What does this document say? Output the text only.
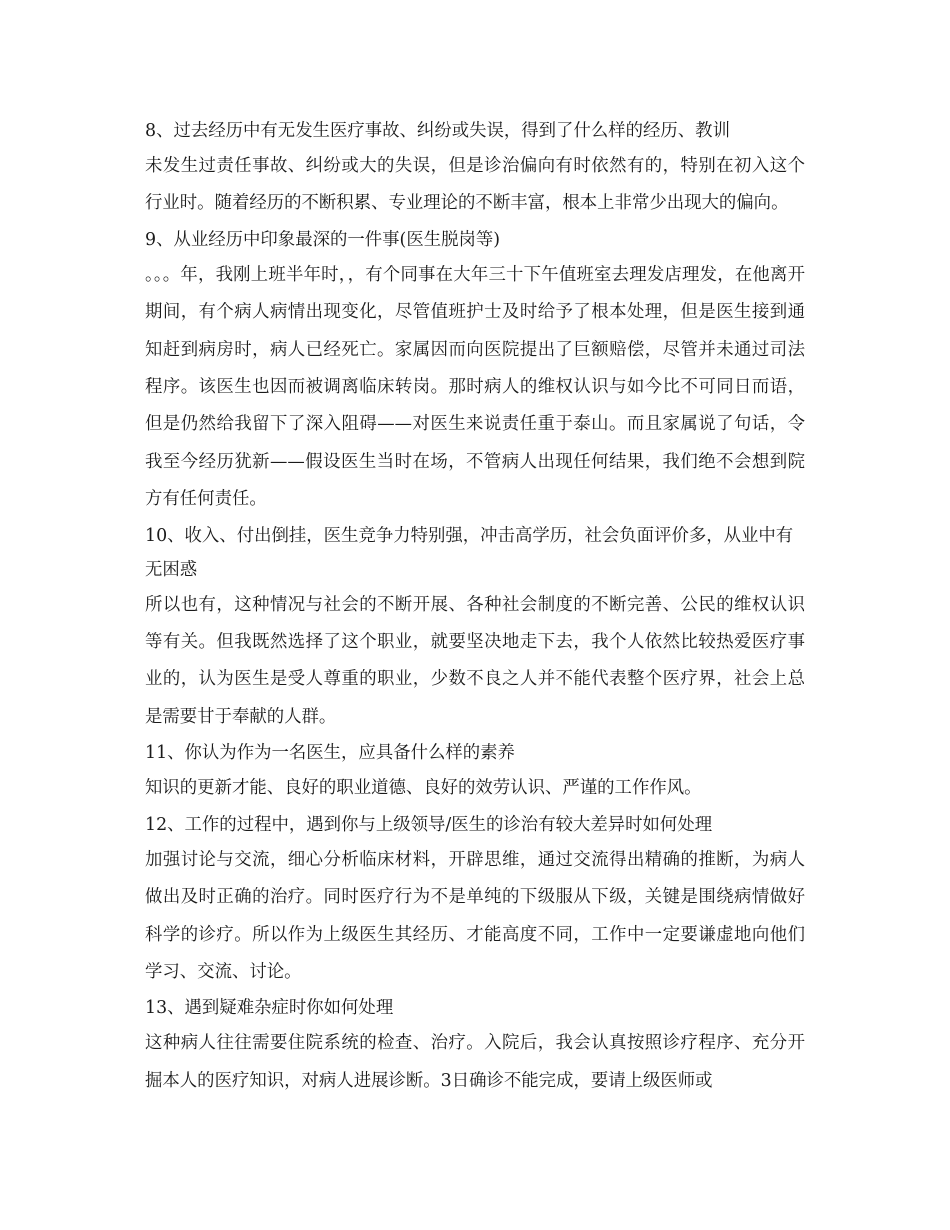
8、过去经历中有无发生医疗事故、纠纷或失误，得到了什么样的经历、教训

未发生过责任事故、纠纷或大的失误，但是诊治偏向有时依然有的，特别在初入这个行业时。随着经历的不断积累、专业理论的不断丰富，根本上非常少出现大的偏向。

9、从业经历中印象最深的一件事(医生脱岗等)

。。。年，我刚上班半年时，，有个同事在大年三十下午值班室去理发店理发，在他离开期间，有个病人病情出现变化，尽管值班护士及时给予了根本处理，但是医生接到通知赶到病房时，病人已经死亡。家属因而向医院提出了巨额赔偿，尽管并未通过司法程序。该医生也因而被调离临床转岗。那时病人的维权认识与如今比不可同日而语，但是仍然给我留下了深入阻碍——对医生来说责任重于泰山。而且家属说了句话，令我至今经历犹新——假设医生当时在场，不管病人出现任何结果，我们绝不会想到院方有任何责任。

10、收入、付出倒挂，医生竞争力特别强，冲击高学历，社会负面评价多，从业中有无困惑

所以也有，这种情况与社会的不断开展、各种社会制度的不断完善、公民的维权认识等有关。但我既然选择了这个职业，就要坚决地走下去，我个人依然比较热爱医疗事业的，认为医生是受人尊重的职业，少数不良之人并不能代表整个医疗界，社会上总是需要甘于奉献的人群。

11、你认为作为一名医生，应具备什么样的素养

知识的更新才能、良好的职业道德、良好的效劳认识、严谨的工作作风。

12、工作的过程中，遇到你与上级领导/医生的诊治有较大差异时如何处理

加强讨论与交流，细心分析临床材料，开辟思维，通过交流得出精确的推断，为病人做出及时正确的治疗。同时医疗行为不是单纯的下级服从下级，关键是围绕病情做好科学的诊疗。所以作为上级医生其经历、才能高度不同，工作中一定要谦虚地向他们学习、交流、讨论。

13、遇到疑难杂症时你如何处理

这种病人往往需要住院系统的检查、治疗。入院后，我会认真按照诊疗程序、充分开掘本人的医疗知识，对病人进展诊断。3日确诊不能完成，要请上级医师或
